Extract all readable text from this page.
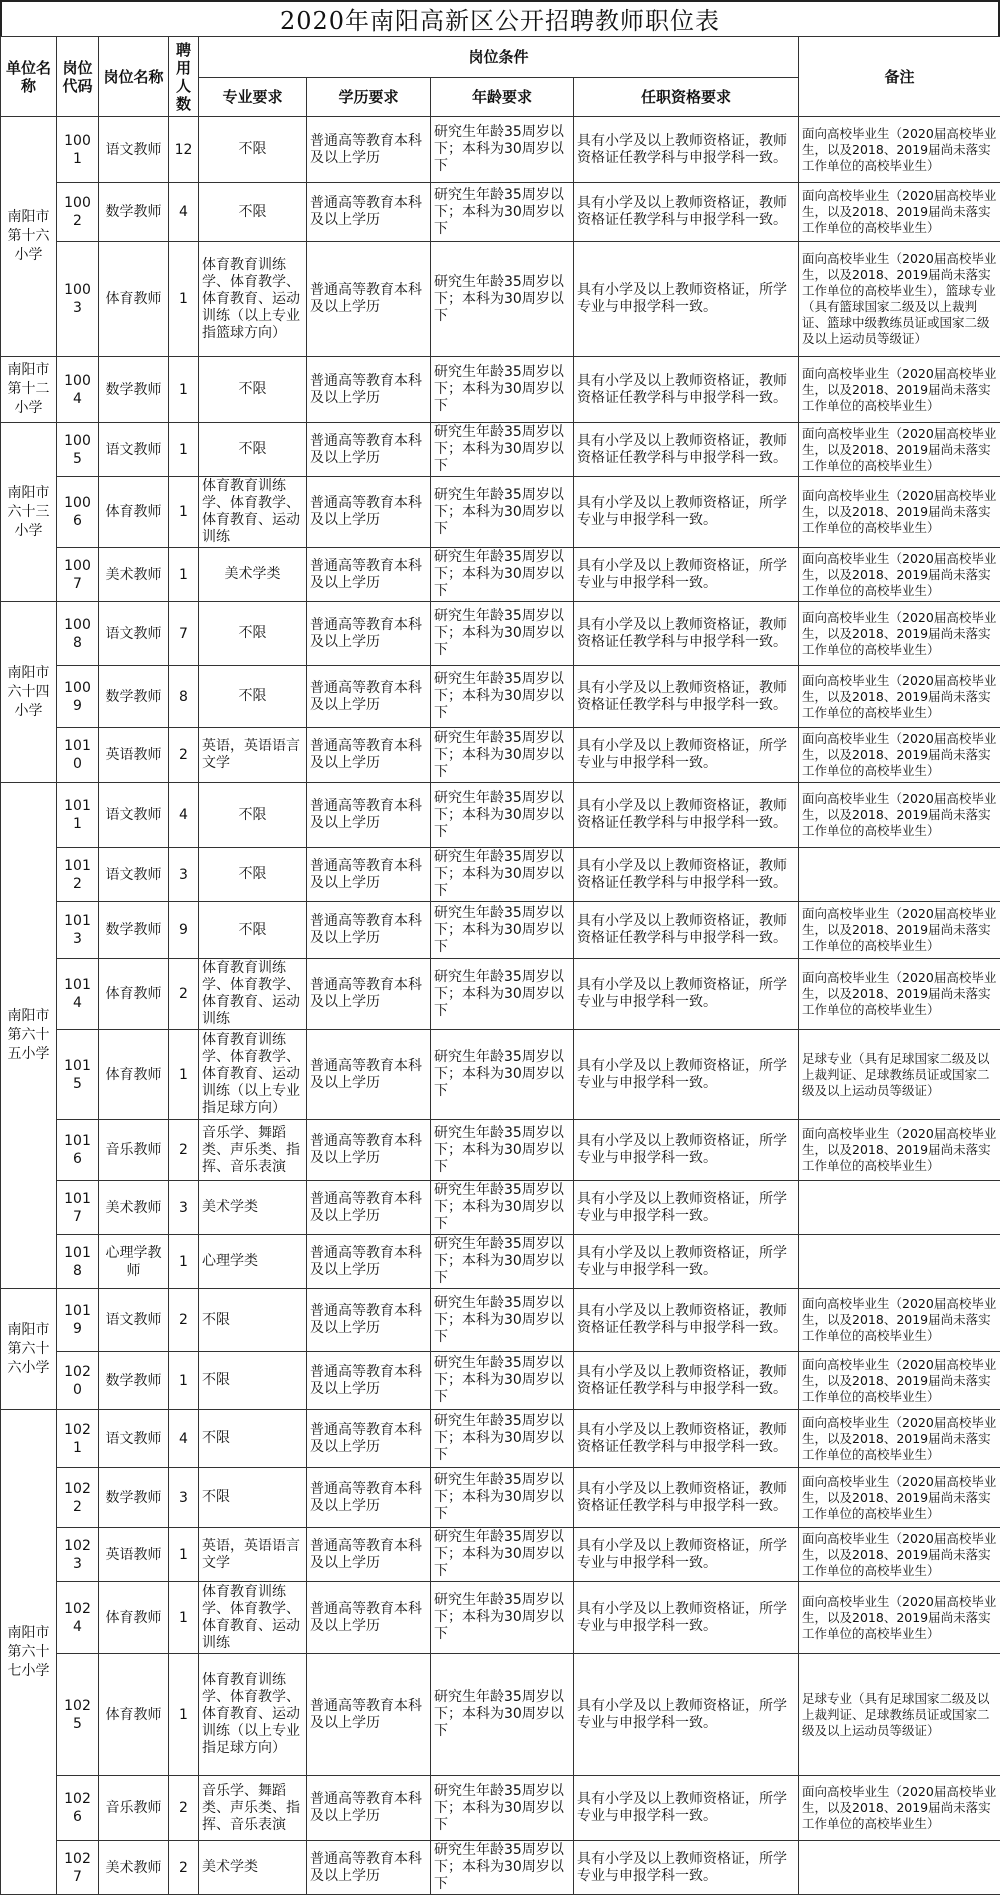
2020年南阳高新区公开招聘教师职位表
单位名称	岗位代码	岗位名称	聘用人数	岗位条件				备注
				专业要求	学历要求	年龄要求	任职资格要求	
南阳市第十六小学	1001	语文教师	12	不限	普通高等教育本科及以上学历	研究生年龄35周岁以下；本科为30周岁以下	具有小学及以上教师资格证，教师资格证任教学科与申报学科一致。	面向高校毕业生（2020届高校毕业生，以及2018、2019届尚未落实工作单位的高校毕业生）
	1002	数学教师	4	不限	普通高等教育本科及以上学历	研究生年龄35周岁以下；本科为30周岁以下	具有小学及以上教师资格证，教师资格证任教学科与申报学科一致。	面向高校毕业生（2020届高校毕业生，以及2018、2019届尚未落实工作单位的高校毕业生）
	1003	体育教师	1	体育教育训练学、体育教学、体育教育、运动训练（以上专业指篮球方向）	普通高等教育本科及以上学历	研究生年龄35周岁以下；本科为30周岁以下	具有小学及以上教师资格证，所学专业与申报学科一致。	面向高校毕业生（2020届高校毕业生，以及2018、2019届尚未落实工作单位的高校毕业生），篮球专业（具有篮球国家二级及以上裁判证、篮球中级教练员证或国家二级及以上运动员等级证）
南阳市第十二小学	1004	数学教师	1	不限	普通高等教育本科及以上学历	研究生年龄35周岁以下；本科为30周岁以下	具有小学及以上教师资格证，教师资格证任教学科与申报学科一致。	面向高校毕业生（2020届高校毕业生，以及2018、2019届尚未落实工作单位的高校毕业生）
南阳市六十三小学	1005	语文教师	1	不限	普通高等教育本科及以上学历	研究生年龄35周岁以下；本科为30周岁以下	具有小学及以上教师资格证，教师资格证任教学科与申报学科一致。	面向高校毕业生（2020届高校毕业生，以及2018、2019届尚未落实工作单位的高校毕业生）
	1006	体育教师	1	体育教育训练学、体育教学、体育教育、运动训练	普通高等教育本科及以上学历	研究生年龄35周岁以下；本科为30周岁以下	具有小学及以上教师资格证，所学专业与申报学科一致。	面向高校毕业生（2020届高校毕业生，以及2018、2019届尚未落实工作单位的高校毕业生）
	1007	美术教师	1	美术学类	普通高等教育本科及以上学历	研究生年龄35周岁以下；本科为30周岁以下	具有小学及以上教师资格证，所学专业与申报学科一致。	面向高校毕业生（2020届高校毕业生，以及2018、2019届尚未落实工作单位的高校毕业生）
南阳市六十四小学	1008	语文教师	7	不限	普通高等教育本科及以上学历	研究生年龄35周岁以下；本科为30周岁以下	具有小学及以上教师资格证，教师资格证任教学科与申报学科一致。	面向高校毕业生（2020届高校毕业生，以及2018、2019届尚未落实工作单位的高校毕业生）
	1009	数学教师	8	不限	普通高等教育本科及以上学历	研究生年龄35周岁以下；本科为30周岁以下	具有小学及以上教师资格证，教师资格证任教学科与申报学科一致。	面向高校毕业生（2020届高校毕业生，以及2018、2019届尚未落实工作单位的高校毕业生）
	1010	英语教师	2	英语，英语语言文学	普通高等教育本科及以上学历	研究生年龄35周岁以下；本科为30周岁以下	具有小学及以上教师资格证，所学专业与申报学科一致。	面向高校毕业生（2020届高校毕业生，以及2018、2019届尚未落实工作单位的高校毕业生）
南阳市第六十五小学	1011	语文教师	4	不限	普通高等教育本科及以上学历	研究生年龄35周岁以下；本科为30周岁以下	具有小学及以上教师资格证，教师资格证任教学科与申报学科一致。	面向高校毕业生（2020届高校毕业生，以及2018、2019届尚未落实工作单位的高校毕业生）
	1012	语文教师	3	不限	普通高等教育本科及以上学历	研究生年龄35周岁以下；本科为30周岁以下	具有小学及以上教师资格证，教师资格证任教学科与申报学科一致。	
	1013	数学教师	9	不限	普通高等教育本科及以上学历	研究生年龄35周岁以下；本科为30周岁以下	具有小学及以上教师资格证，教师资格证任教学科与申报学科一致。	面向高校毕业生（2020届高校毕业生，以及2018、2019届尚未落实工作单位的高校毕业生）
	1014	体育教师	2	体育教育训练学、体育教学、体育教育、运动训练	普通高等教育本科及以上学历	研究生年龄35周岁以下；本科为30周岁以下	具有小学及以上教师资格证，所学专业与申报学科一致。	面向高校毕业生（2020届高校毕业生，以及2018、2019届尚未落实工作单位的高校毕业生）
	1015	体育教师	1	体育教育训练学、体育教学、体育教育、运动训练（以上专业指足球方向）	普通高等教育本科及以上学历	研究生年龄35周岁以下；本科为30周岁以下	具有小学及以上教师资格证，所学专业与申报学科一致。	足球专业（具有足球国家二级及以上裁判证、足球教练员证或国家二级及以上运动员等级证）
	1016	音乐教师	2	音乐学、舞蹈类、声乐类、指挥、音乐表演	普通高等教育本科及以上学历	研究生年龄35周岁以下；本科为30周岁以下	具有小学及以上教师资格证，所学专业与申报学科一致。	面向高校毕业生（2020届高校毕业生，以及2018、2019届尚未落实工作单位的高校毕业生）
	1017	美术教师	3	美术学类	普通高等教育本科及以上学历	研究生年龄35周岁以下；本科为30周岁以下	具有小学及以上教师资格证，所学专业与申报学科一致。	
	1018	心理学教师	1	心理学类	普通高等教育本科及以上学历	研究生年龄35周岁以下；本科为30周岁以下	具有小学及以上教师资格证，所学专业与申报学科一致。	
南阳市第六十六小学	1019	语文教师	2	不限	普通高等教育本科及以上学历	研究生年龄35周岁以下；本科为30周岁以下	具有小学及以上教师资格证，教师资格证任教学科与申报学科一致。	面向高校毕业生（2020届高校毕业生，以及2018、2019届尚未落实工作单位的高校毕业生）
	1020	数学教师	1	不限	普通高等教育本科及以上学历	研究生年龄35周岁以下；本科为30周岁以下	具有小学及以上教师资格证，教师资格证任教学科与申报学科一致。	面向高校毕业生（2020届高校毕业生，以及2018、2019届尚未落实工作单位的高校毕业生）
南阳市第六十七小学	1021	语文教师	4	不限	普通高等教育本科及以上学历	研究生年龄35周岁以下；本科为30周岁以下	具有小学及以上教师资格证，教师资格证任教学科与申报学科一致。	面向高校毕业生（2020届高校毕业生，以及2018、2019届尚未落实工作单位的高校毕业生）
	1022	数学教师	3	不限	普通高等教育本科及以上学历	研究生年龄35周岁以下；本科为30周岁以下	具有小学及以上教师资格证，教师资格证任教学科与申报学科一致。	面向高校毕业生（2020届高校毕业生，以及2018、2019届尚未落实工作单位的高校毕业生）
	1023	英语教师	1	英语，英语语言文学	普通高等教育本科及以上学历	研究生年龄35周岁以下；本科为30周岁以下	具有小学及以上教师资格证，所学专业与申报学科一致。	面向高校毕业生（2020届高校毕业生，以及2018、2019届尚未落实工作单位的高校毕业生）
	1024	体育教师	1	体育教育训练学、体育教学、体育教育、运动训练	普通高等教育本科及以上学历	研究生年龄35周岁以下；本科为30周岁以下	具有小学及以上教师资格证，所学专业与申报学科一致。	面向高校毕业生（2020届高校毕业生，以及2018、2019届尚未落实工作单位的高校毕业生）
	1025	体育教师	1	体育教育训练学、体育教学、体育教育、运动训练（以上专业指足球方向）	普通高等教育本科及以上学历	研究生年龄35周岁以下；本科为30周岁以下	具有小学及以上教师资格证，所学专业与申报学科一致。	足球专业（具有足球国家二级及以上裁判证、足球教练员证或国家二级及以上运动员等级证）
	1026	音乐教师	2	音乐学、舞蹈类、声乐类、指挥、音乐表演	普通高等教育本科及以上学历	研究生年龄35周岁以下；本科为30周岁以下	具有小学及以上教师资格证，所学专业与申报学科一致。	面向高校毕业生（2020届高校毕业生，以及2018、2019届尚未落实工作单位的高校毕业生）
	1027	美术教师	2	美术学类	普通高等教育本科及以上学历	研究生年龄35周岁以下；本科为30周岁以下	具有小学及以上教师资格证，所学专业与申报学科一致。	
